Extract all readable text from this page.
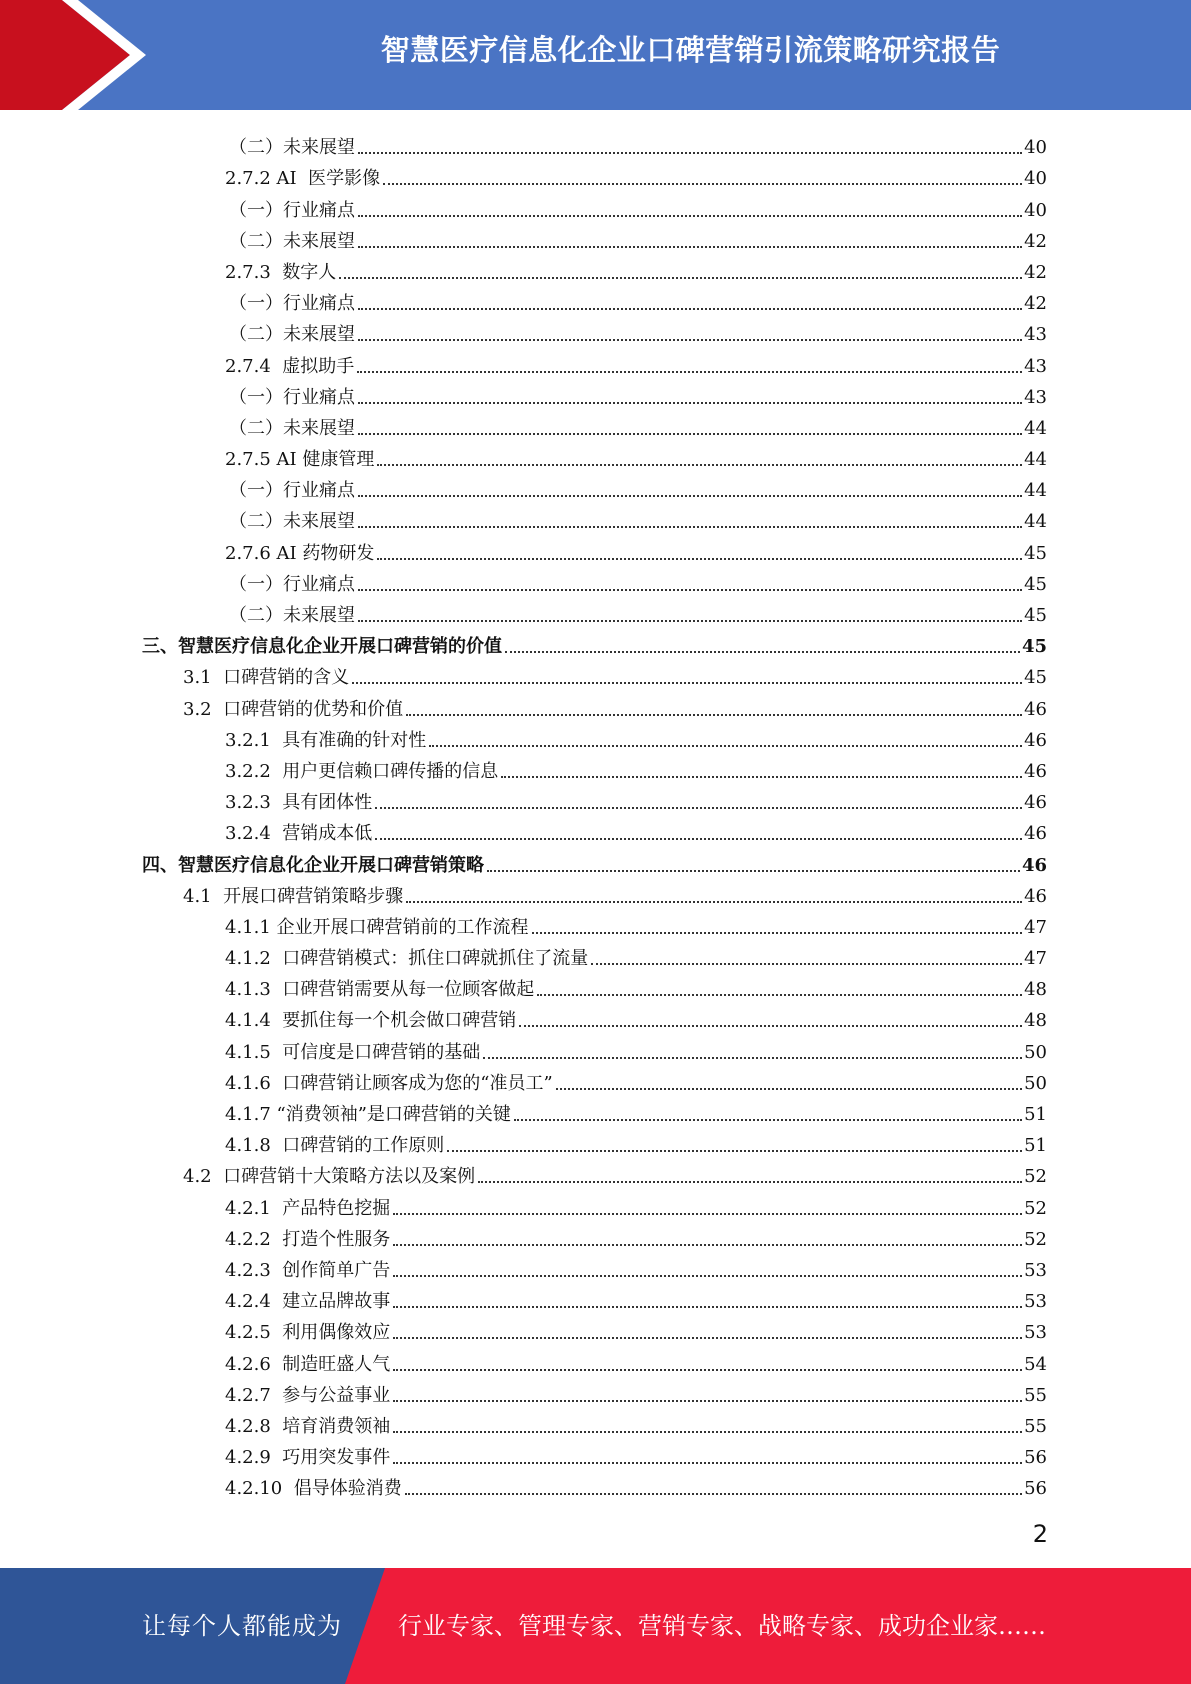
智慧医疗信息化企业口碑营销引流策略研究报告
（二）未来展望	40
2.7.2 AI  医学影像	40
（一）行业痛点	40
（二）未来展望	42
2.7.3  数字人	42
（一）行业痛点	42
（二）未来展望	43
2.7.4  虚拟助手	43
（一）行业痛点	43
（二）未来展望	44
2.7.5 AI 健康管理	44
（一）行业痛点	44
（二）未来展望	44
2.7.6 AI 药物研发	45
（一）行业痛点	45
（二）未来展望	45
三、智慧医疗信息化企业开展口碑营销的价值	45
3.1  口碑营销的含义	45
3.2  口碑营销的优势和价值	46
3.2.1  具有准确的针对性	46
3.2.2  用户更信赖口碑传播的信息	46
3.2.3  具有团体性	46
3.2.4  营销成本低	46
四、智慧医疗信息化企业开展口碑营销策略	46
4.1  开展口碑营销策略步骤	46
4.1.1 企业开展口碑营销前的工作流程	47
4.1.2  口碑营销模式：抓住口碑就抓住了流量	47
4.1.3  口碑营销需要从每一位顾客做起	48
4.1.4  要抓住每一个机会做口碑营销	48
4.1.5  可信度是口碑营销的基础	50
4.1.6  口碑营销让顾客成为您的“准员工”	50
4.1.7 “消费领袖”是口碑营销的关键	51
4.1.8  口碑营销的工作原则	51
4.2  口碑营销十大策略方法以及案例	52
4.2.1  产品特色挖掘	52
4.2.2  打造个性服务	52
4.2.3  创作简单广告	53
4.2.4  建立品牌故事	53
4.2.5  利用偶像效应	53
4.2.6  制造旺盛人气	54
4.2.7  参与公益事业	55
4.2.8  培育消费领袖	55
4.2.9  巧用突发事件	56
4.2.10  倡导体验消费	56
2
让每个人都能成为 行业专家、管理专家、营销专家、战略专家、成功企业家……
